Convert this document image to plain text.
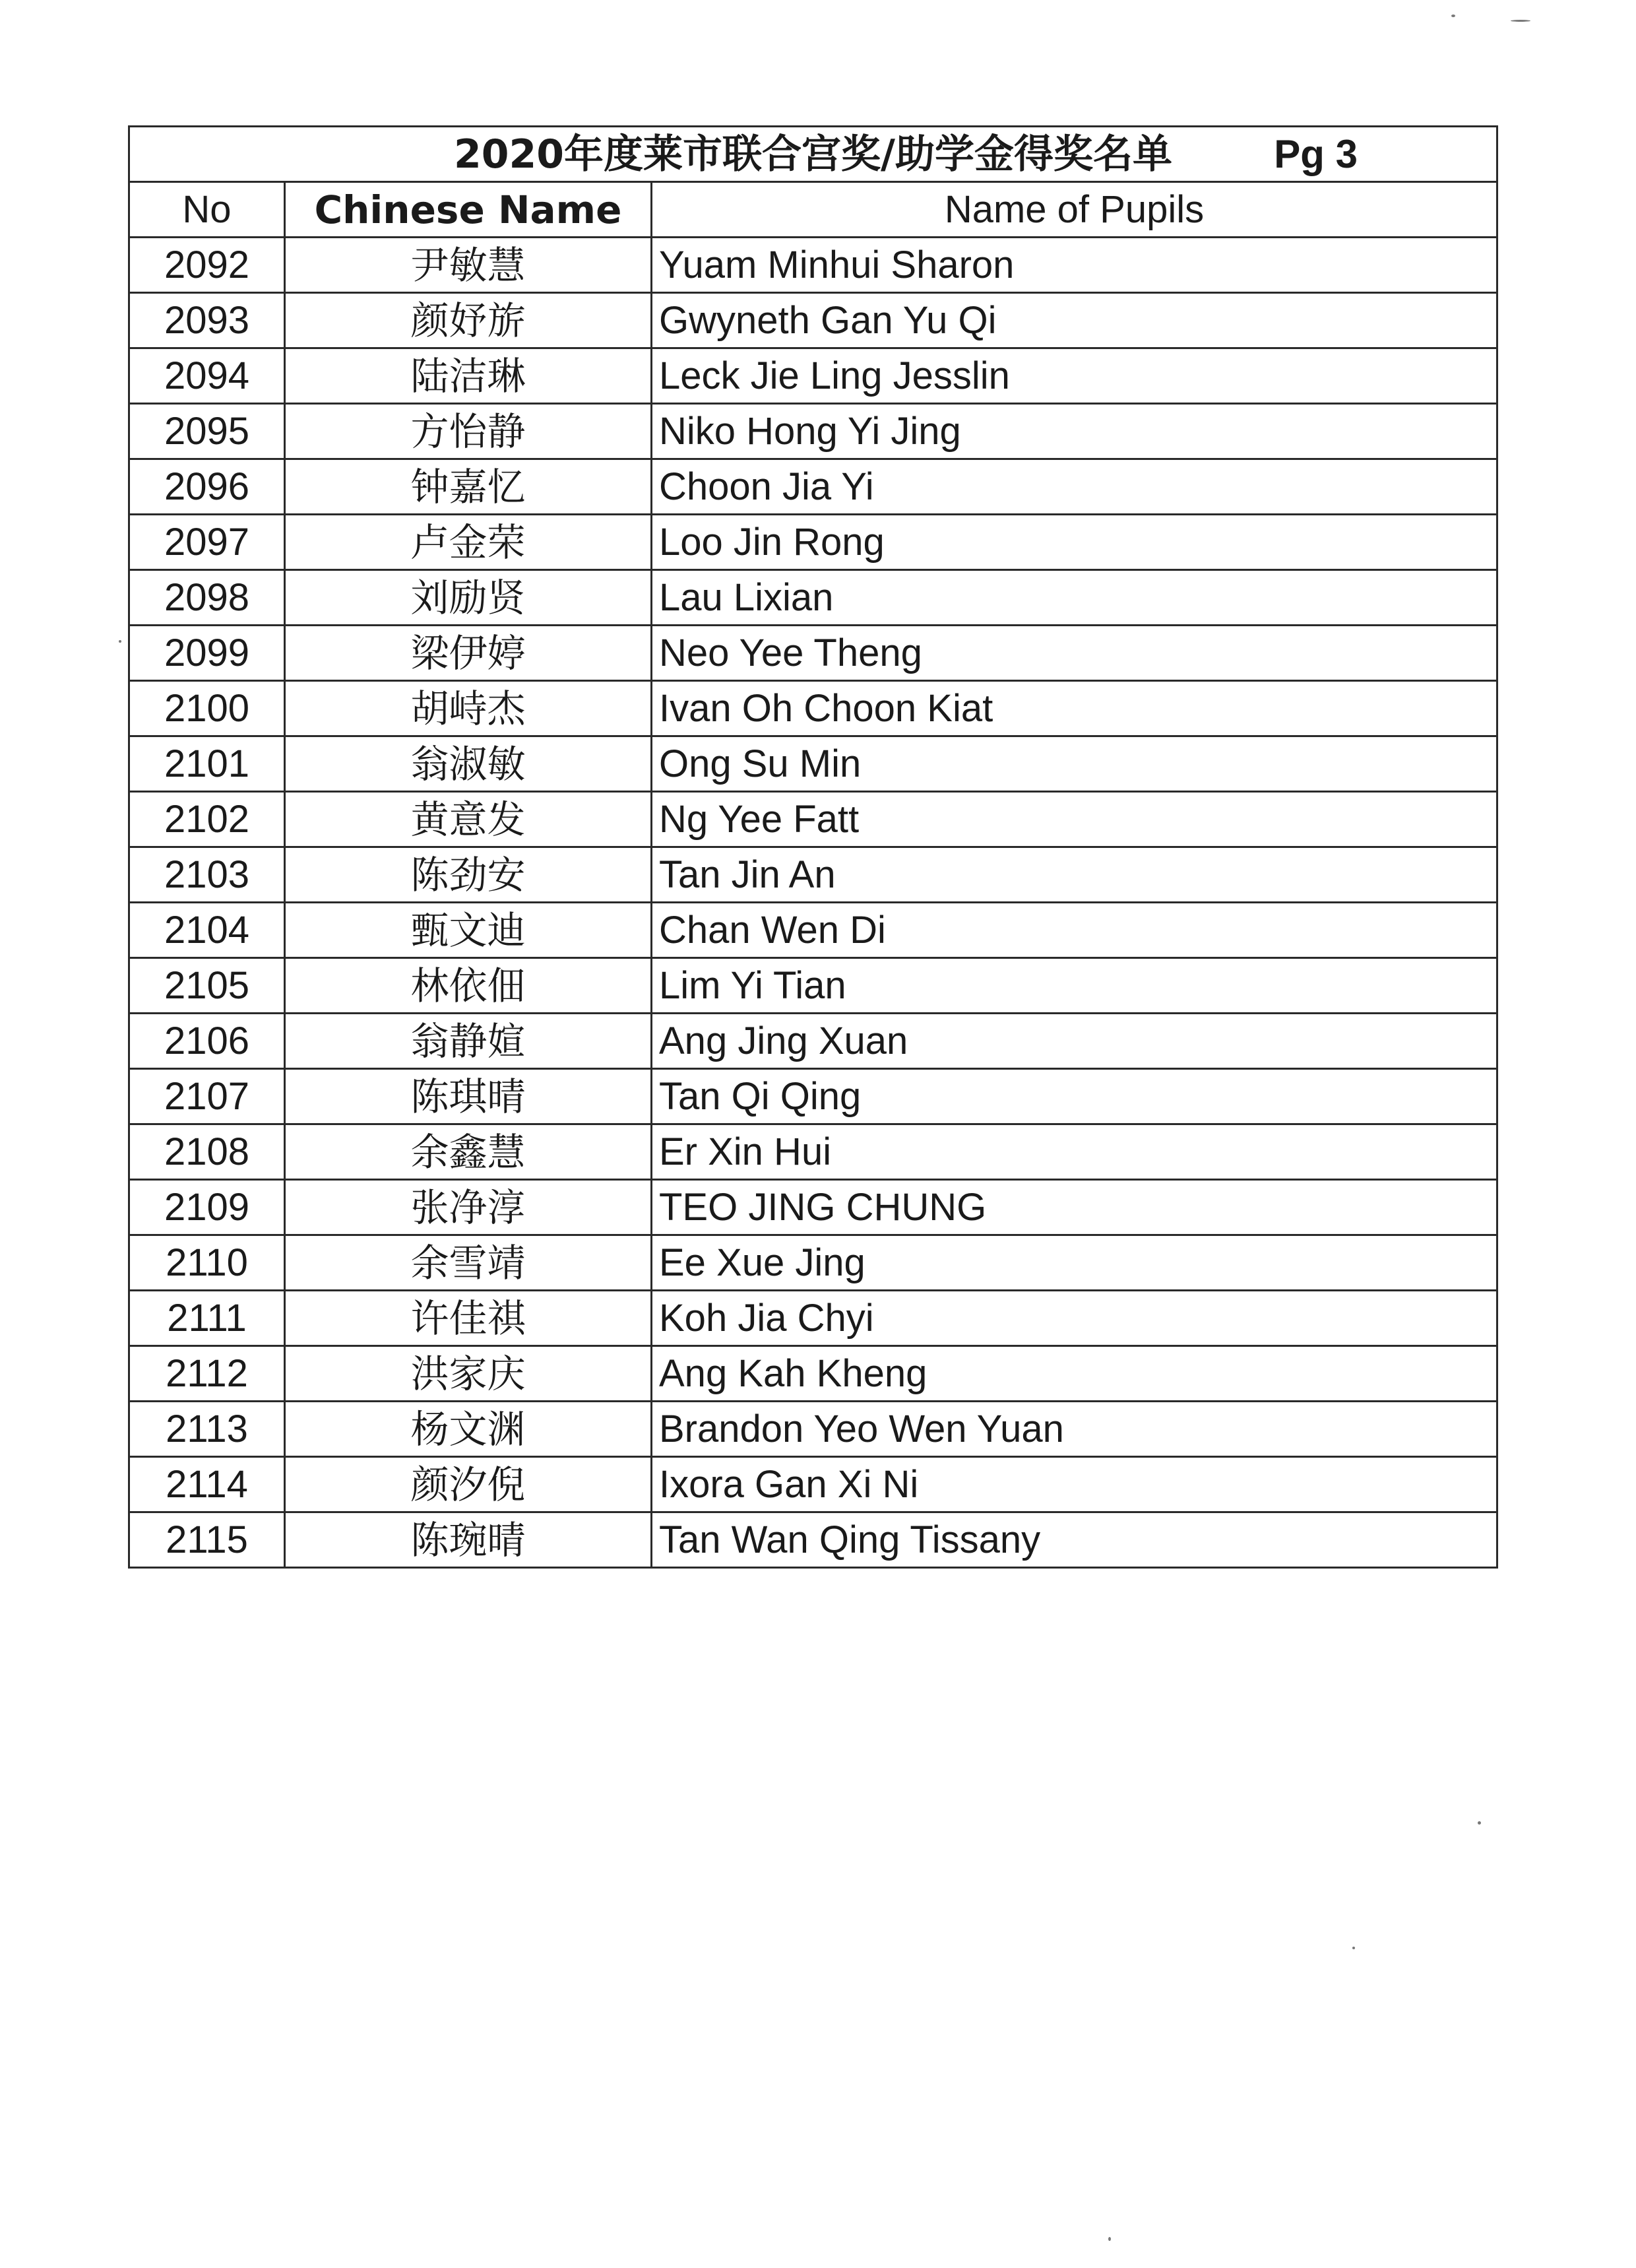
2020年度莱市联合宫奖/助学金得奖名单 Pg 3		

No	Chinese Name	Name of Pupils
2092	尹敏慧	Yuam Minhui Sharon
2093	颜妤旂	Gwyneth Gan Yu Qi
2094	陆洁琳	Leck Jie Ling Jesslin
2095	方怡静	Niko Hong Yi Jing
2096	钟嘉忆	Choon Jia Yi
2097	卢金荣	Loo Jin Rong
2098	刘励贤	Lau Lixian
2099	梁伊婷	Neo Yee Theng
2100	胡峙杰	Ivan Oh Choon Kiat
2101	翁淑敏	Ong Su Min
2102	黄意发	Ng Yee Fatt
2103	陈劲安	Tan Jin An
2104	甄文迪	Chan Wen Di
2105	林依佃	Lim Yi Tian
2106	翁静媗	Ang Jing Xuan
2107	陈琪晴	Tan Qi Qing
2108	余鑫慧	Er Xin Hui
2109	张净淳	TEO JING CHUNG
2110	余雪靖	Ee Xue Jing
2111	许佳祺	Koh Jia Chyi
2112	洪家庆	Ang Kah Kheng
2113	杨文渊	Brandon Yeo Wen Yuan
2114	颜汐倪	Ixora Gan Xi Ni
2115	陈琬晴	Tan Wan Qing Tissany
